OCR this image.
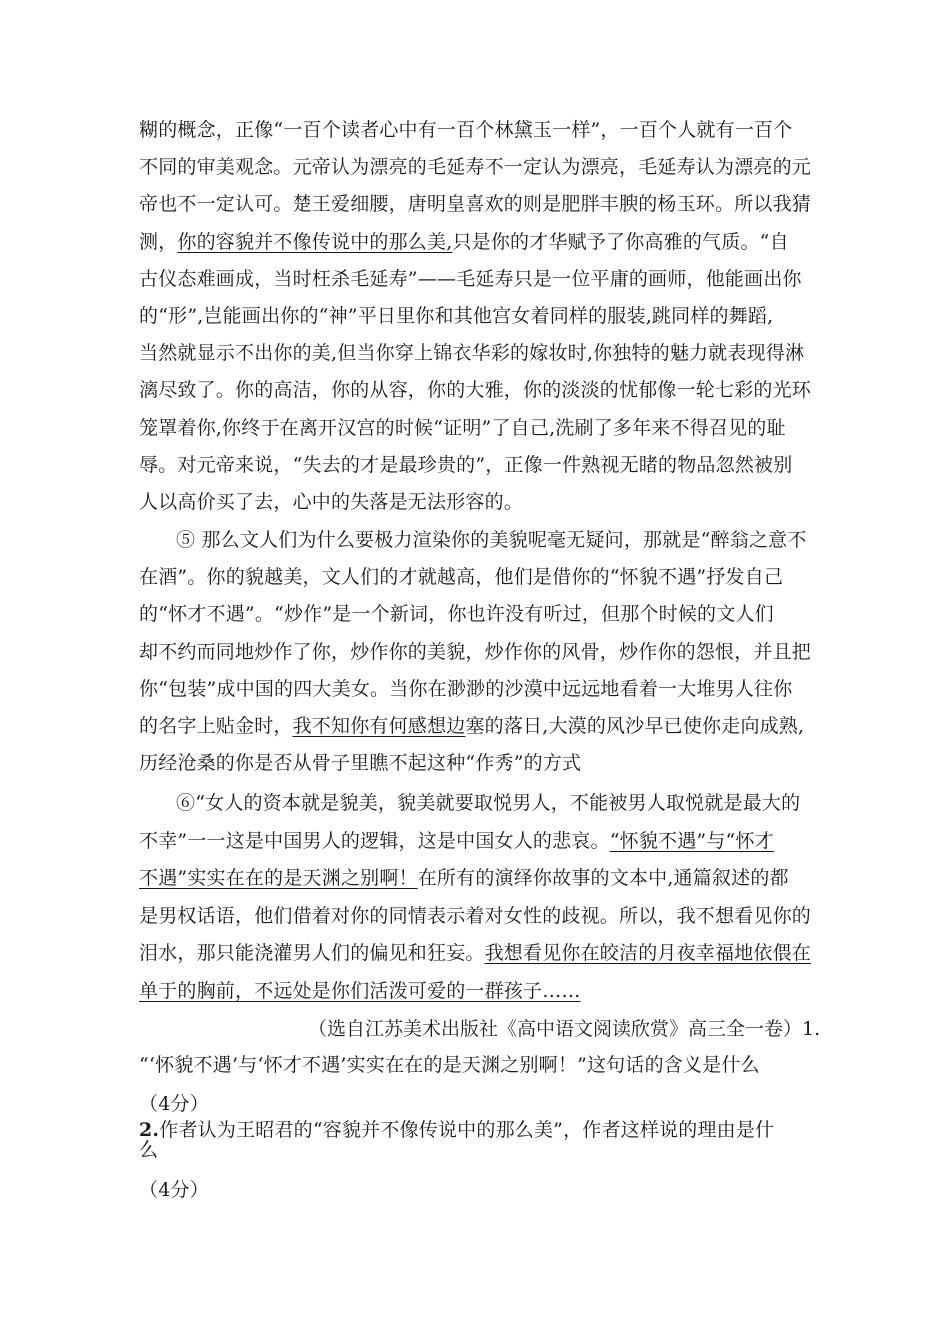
糊的概念，正像“一百个读者心中有一百个林黛玉一样”，一百个人就有一百个
不同的审美观念。元帝认为漂亮的毛延寿不一定认为漂亮，毛延寿认为漂亮的元
帝也不一定认可。楚王爱细腰，唐明皇喜欢的则是肥胖丰腴的杨玉环。所以我猜
测，你的容貌并不像传说中的那么美,只是你的才华赋予了你高雅的气质。“自
古仪态难画成，当时枉杀毛延寿”——毛延寿只是一位平庸的画师，他能画出你
的“形”,岂能画出你的“神”平日里你和其他宫女着同样的服装,跳同样的舞蹈,
当然就显示不出你的美,但当你穿上锦衣华彩的嫁妆时,你独特的魅力就表现得淋
漓尽致了。你的高洁，你的从容，你的大雅，你的淡淡的忧郁像一轮七彩的光环
笼罩着你,你终于在离开汉宫的时候“证明”了自己,洗刷了多年来不得召见的耻
辱。对元帝来说，“失去的才是最珍贵的”，正像一件熟视无睹的物品忽然被别
人以高价买了去，心中的失落是无法形容的。
⑤ 那么文人们为什么要极力渲染你的美貌呢毫无疑问，那就是“醉翁之意不
在酒”。你的貌越美，文人们的才就越高，他们是借你的“怀貌不遇”抒发自己
的“怀才不遇”。“炒作”是一个新词，你也许没有听过，但那个时候的文人们
却不约而同地炒作了你，炒作你的美貌，炒作你的风骨，炒作你的怨恨，并且把
你“包装”成中国的四大美女。当你在渺渺的沙漠中远远地看着一大堆男人往你
的名字上贴金时，我不知你有何感想边塞的落日,大漠的风沙早已使你走向成熟,
历经沧桑的你是否从骨子里瞧不起这种“作秀”的方式
⑥“女人的资本就是貌美，貌美就要取悦男人，不能被男人取悦就是最大的
不幸”一一这是中国男人的逻辑，这是中国女人的悲哀。“怀貌不遇”与“怀才
不遇”实实在在的是天渊之别啊！在所有的演绎你故事的文本中,通篇叙述的都
是男权话语，他们借着对你的同情表示着对女性的歧视。所以，我不想看见你的
泪水，那只能浇灌男人们的偏见和狂妄。我想看见你在皎洁的月夜幸福地依偎在
单于的胸前，不远处是你们活泼可爱的一群孩子……
（选自江苏美术出版社《高中语文阅读欣赏》高三全一卷）1.
“‘怀貌不遇’与‘怀才不遇’实实在在的是天渊之别啊！”这句话的含义是什么
（4分）
2.作者认为王昭君的“容貌并不像传说中的那么美”，作者这样说的理由是什
么
（4分）
